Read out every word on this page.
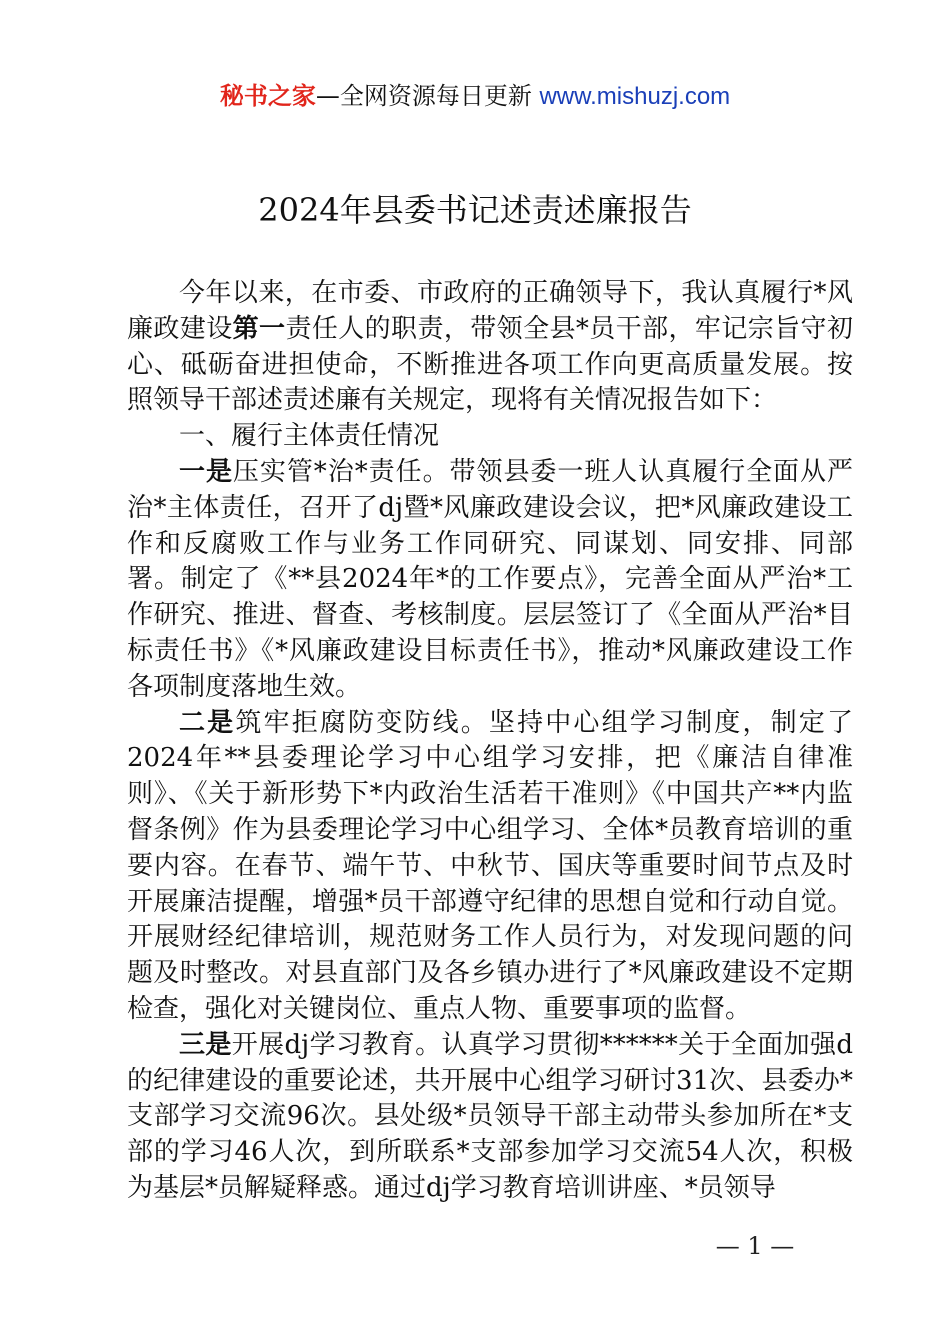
秘书之家—全网资源每日更新 www.mishuzj.com
2024年县委书记述责述廉报告

今年以来，在市委、市政府的正确领导下，我认真履行*风廉政建设第一责任人的职责，带领全县*员干部，牢记宗旨守初心、砥砺奋进担使命，不断推进各项工作向更高质量发展。按照领导干部述责述廉有关规定，现将有关情况报告如下：

一、履行主体责任情况

一是压实管*治*责任。带领县委一班人认真履行全面从严治*主体责任，召开了dj暨*风廉政建设会议，把*风廉政建设工作和反腐败工作与业务工作同研究、同谋划、同安排、同部署。制定了《**县2024年*的工作要点》，完善全面从严治*工作研究、推进、督查、考核制度。层层签订了《全面从严治*目标责任书》《*风廉政建设目标责任书》，推动*风廉政建设工作各项制度落地生效。

二是筑牢拒腐防变防线。坚持中心组学习制度，制定了2024年**县委理论学习中心组学习安排，把《廉洁自律准则》、《关于新形势下*内政治生活若干准则》《中国共产**内监督条例》作为县委理论学习中心组学习、全体*员教育培训的重要内容。在春节、端午节、中秋节、国庆等重要时间节点及时开展廉洁提醒，增强*员干部遵守纪律的思想自觉和行动自觉。开展财经纪律培训，规范财务工作人员行为，对发现问题的问题及时整改。对县直部门及各乡镇办进行了*风廉政建设不定期检查，强化对关键岗位、重点人物、重要事项的监督。

三是开展dj学习教育。认真学习贯彻******关于全面加强d的纪律建设的重要论述，共开展中心组学习研讨31次、县委办*支部学习交流96次。县处级*员领导干部主动带头参加所在*支部的学习46人次，到所联系*支部参加学习交流54人次，积极为基层*员解疑释惑。通过dj学习教育培训讲座、*员领导

— 1 —
